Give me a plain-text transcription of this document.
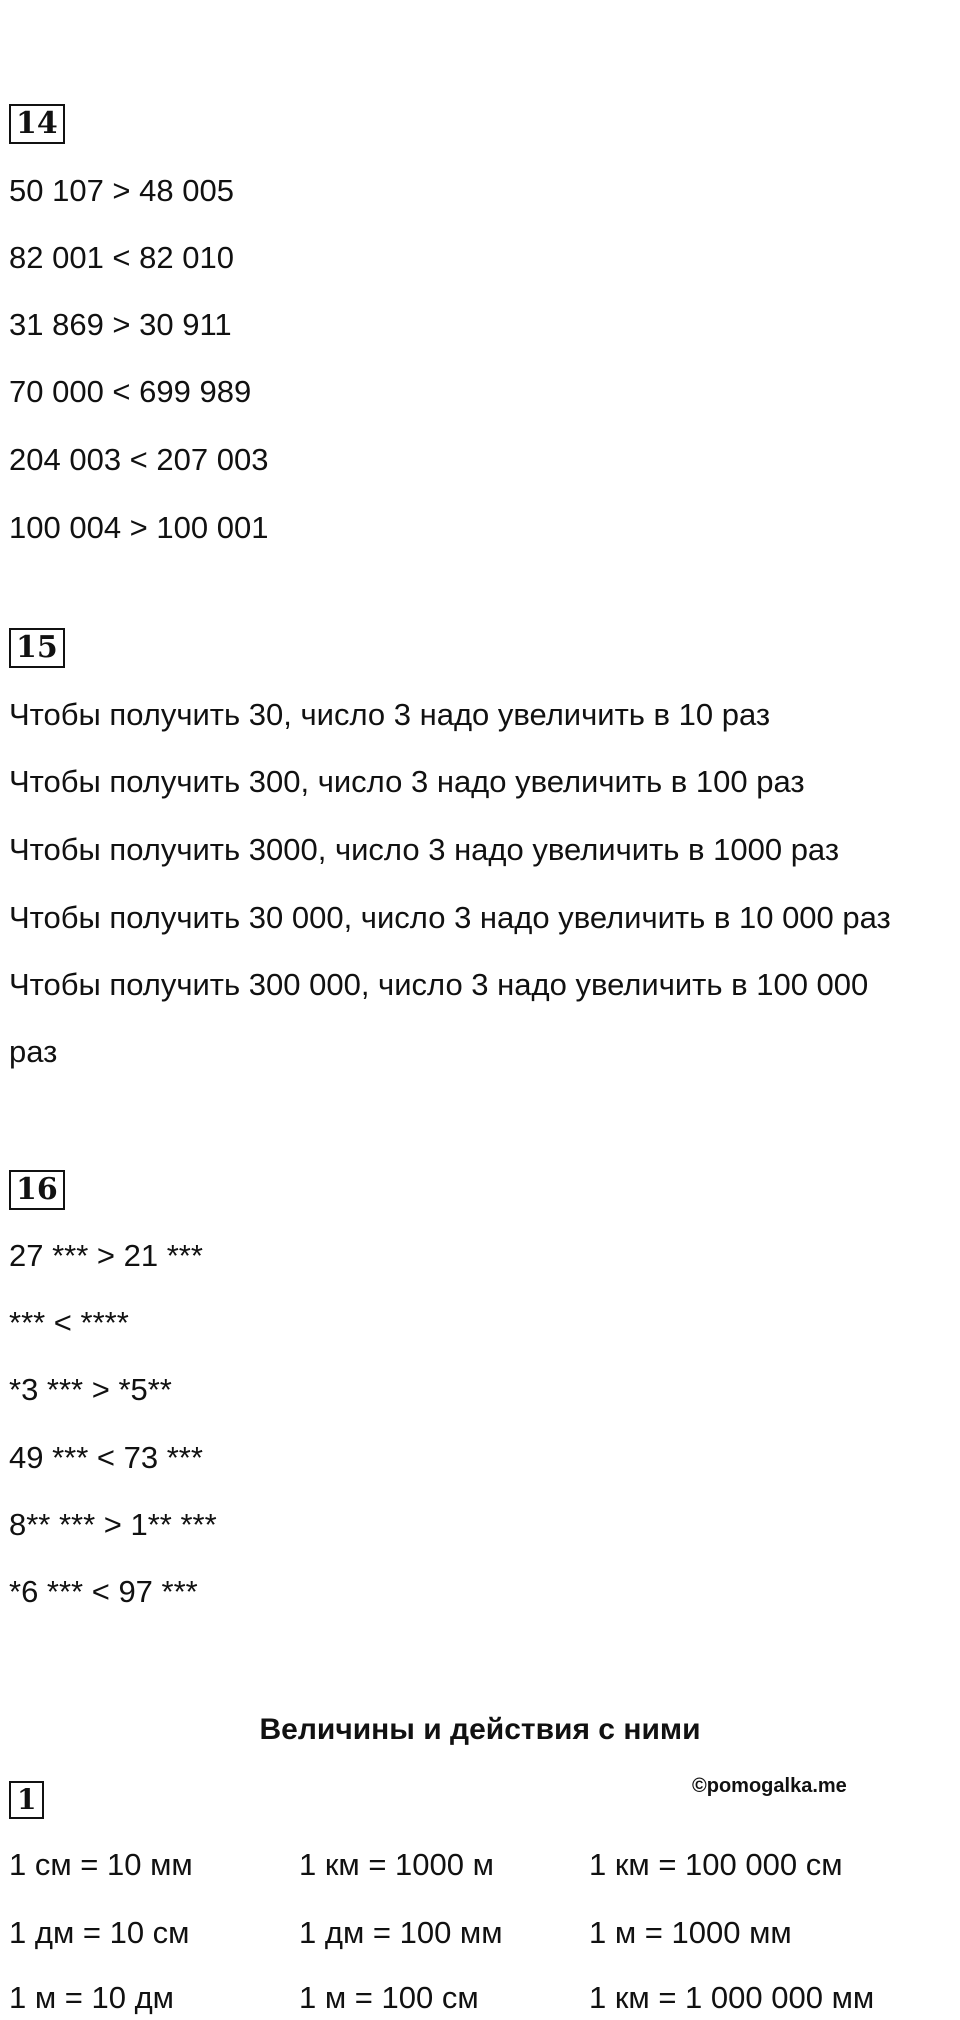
14
50 107 > 48 005
82 001 < 82 010
31 869 > 30 911
70 000 < 699 989
204 003 < 207 003
100 004 > 100 001
15
Чтобы получить 30, число 3 надо увеличить в 10 раз
Чтобы получить 300, число 3 надо увеличить в 100 раз
Чтобы получить 3000, число 3 надо увеличить в 1000 раз
Чтобы получить 30 000, число 3 надо увеличить в 10 000 раз
Чтобы получить 300 000, число 3 надо увеличить в 100 000
раз
16
27 *** > 21 ***
*** < ****
*3 *** > *5**
49 *** < 73 ***
8** *** > 1** ***
*6 *** < 97 ***
Величины и действия с ними
1	©pomogalka.me
1 см = 10 мм	1 км = 1000 м	1 км = 100 000 см
1 дм = 10 см	1 дм = 100 мм	1 м = 1000 мм
1 м = 10 дм	1 м = 100 см	1 км = 1 000 000 мм
